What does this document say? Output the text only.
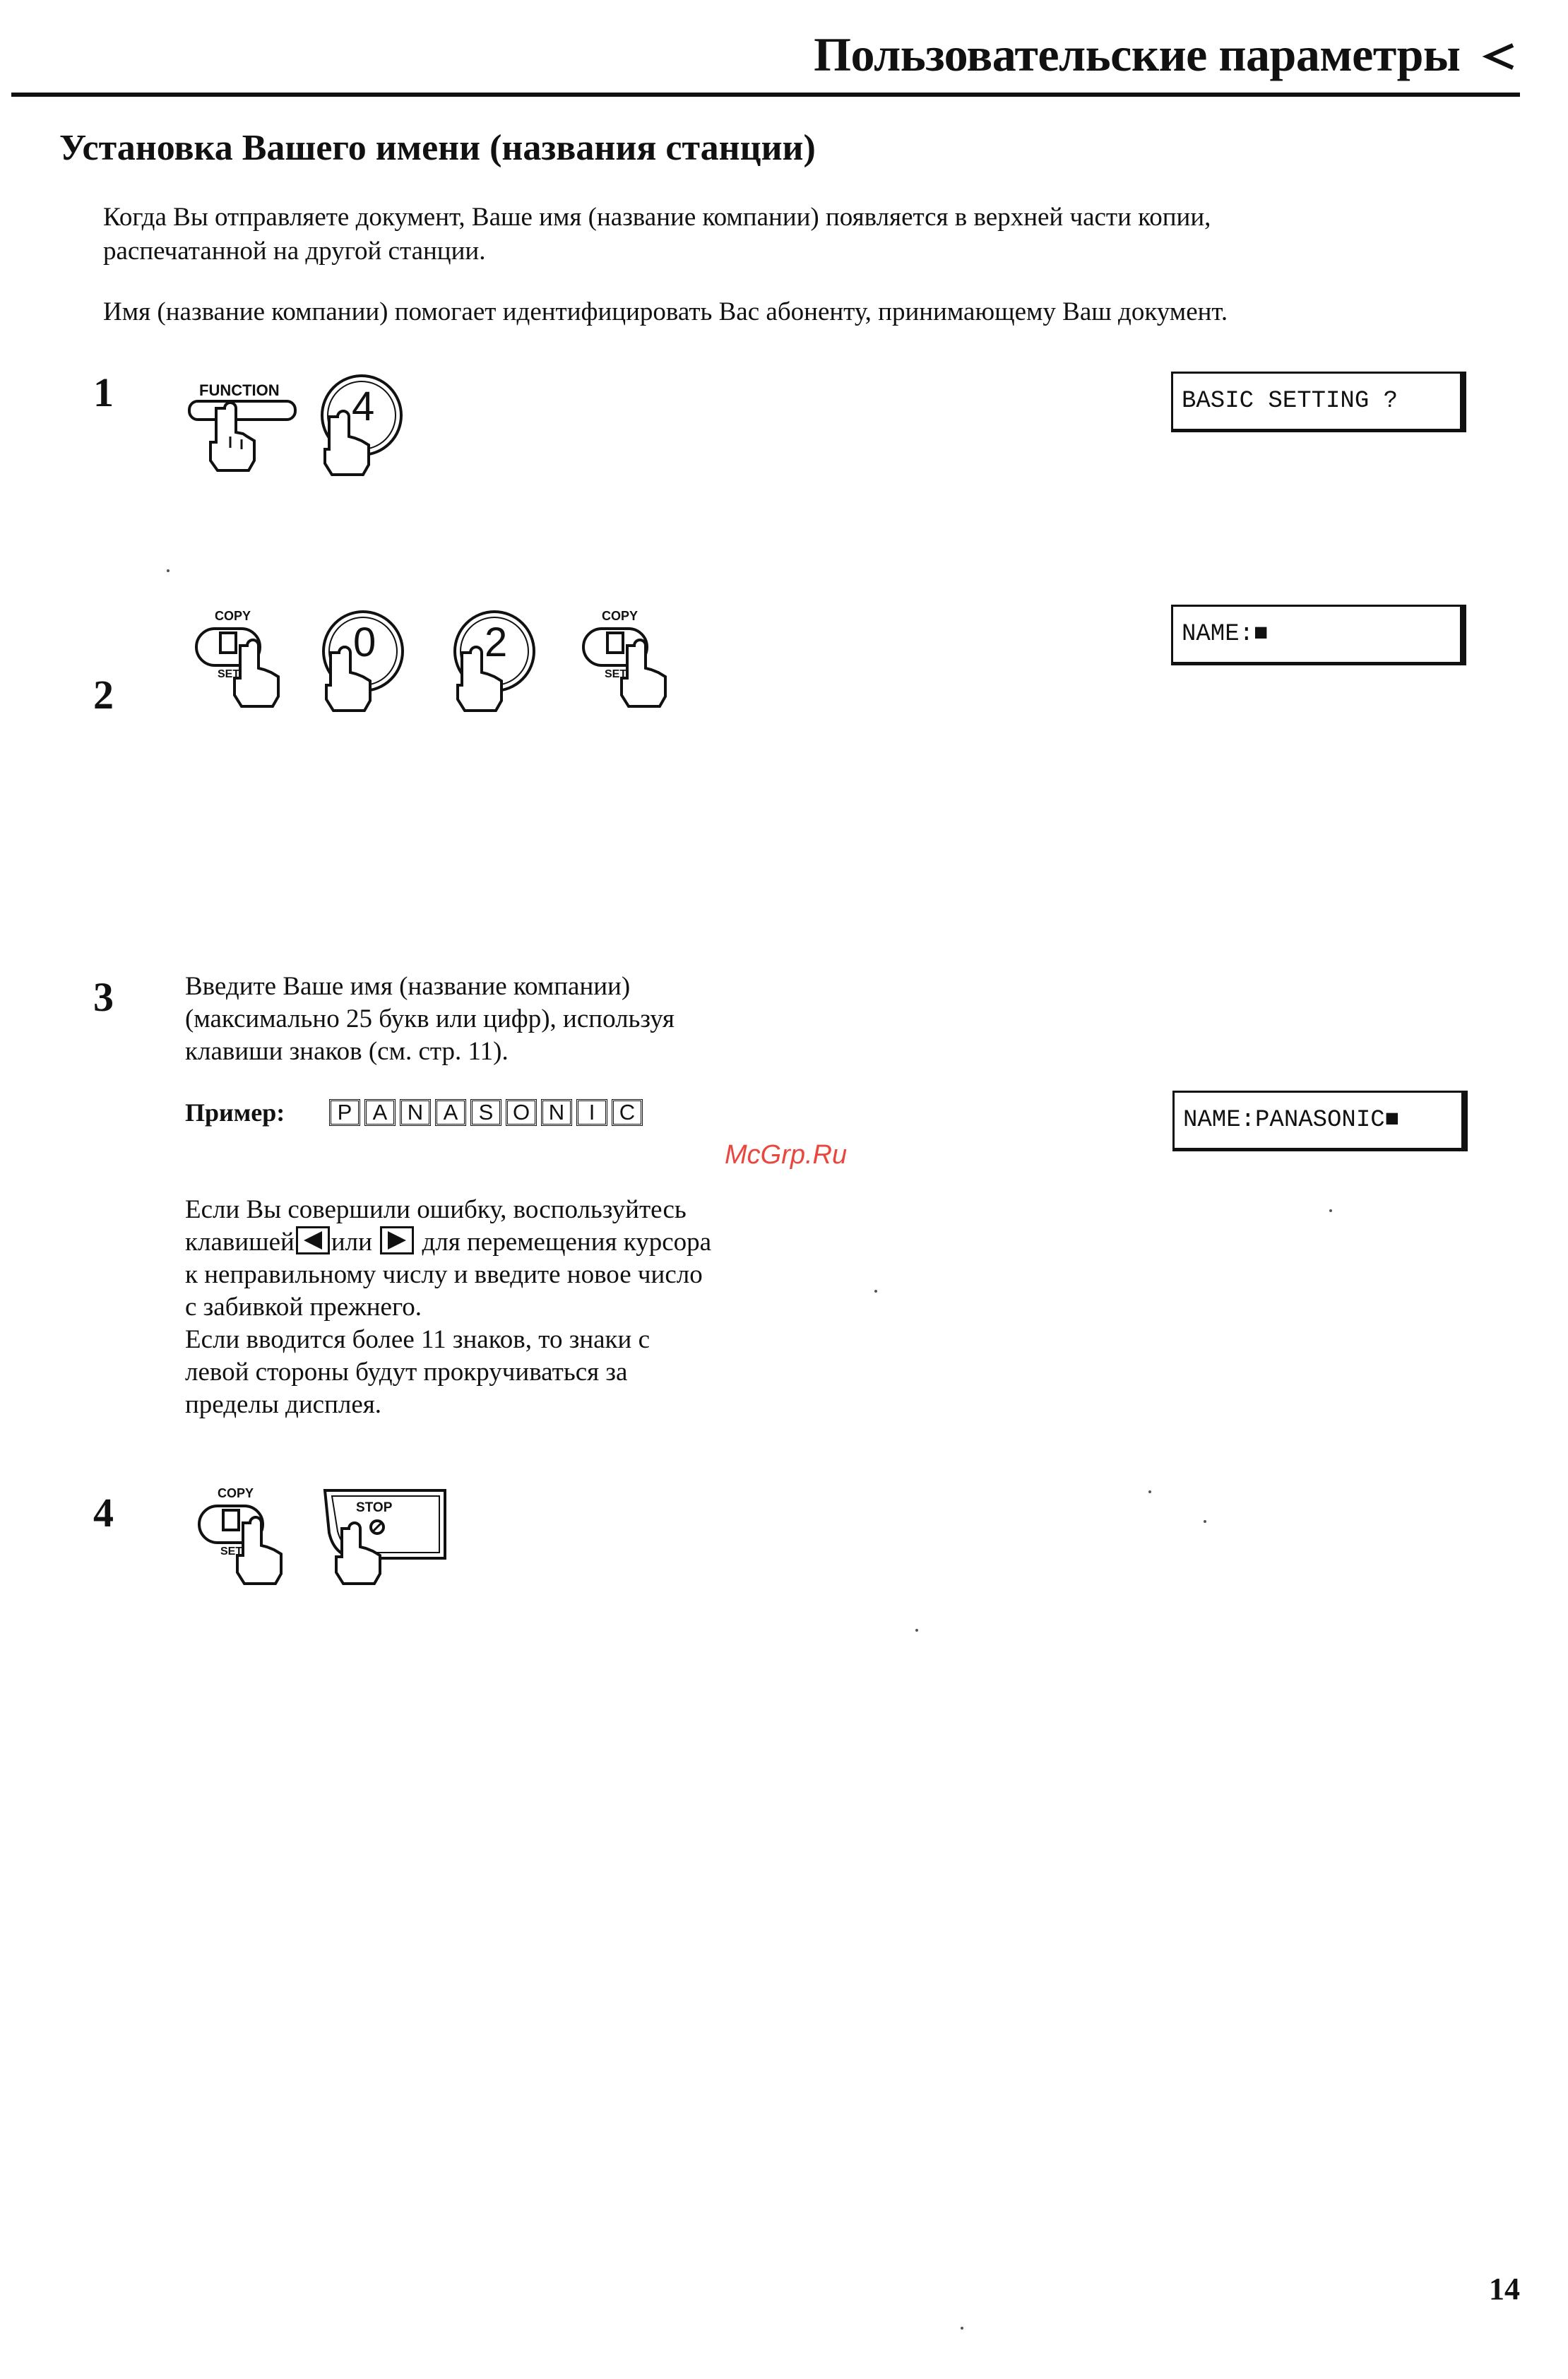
Пользовательские параметры
Установка Вашего имени (названия станции)
Когда Вы отправляете документ, Ваше имя (название компании) появляется в верхней части копии,
распечатанной на другой станции.
Имя (название компании) помогает идентифицировать Вас абоненту, принимающему Ваш документ.
1	FUNCTION 4	BASIC SETTING ?
2
COPY
SET
0	2
COPY
SET
NAME:■
3	Введите Ваше имя (название компании)
(максимально 25 букв или цифр), используя
клавиши знаков (см. стр. 11).
Пример:	P A N A S O N	I	C	NAME:PANASONIC■
Если Вы совершили ошибку, воспользуйтесь
клавишей или для перемещения курсора
к неправильному числу и введите новое число
с забивкой прежнего.
Если вводится более 11 знаков, то знаки с
левой стороны будут прокручиваться за
пределы дисплея.
McGrp.Ru
4	COPY
SET
STOP
14
